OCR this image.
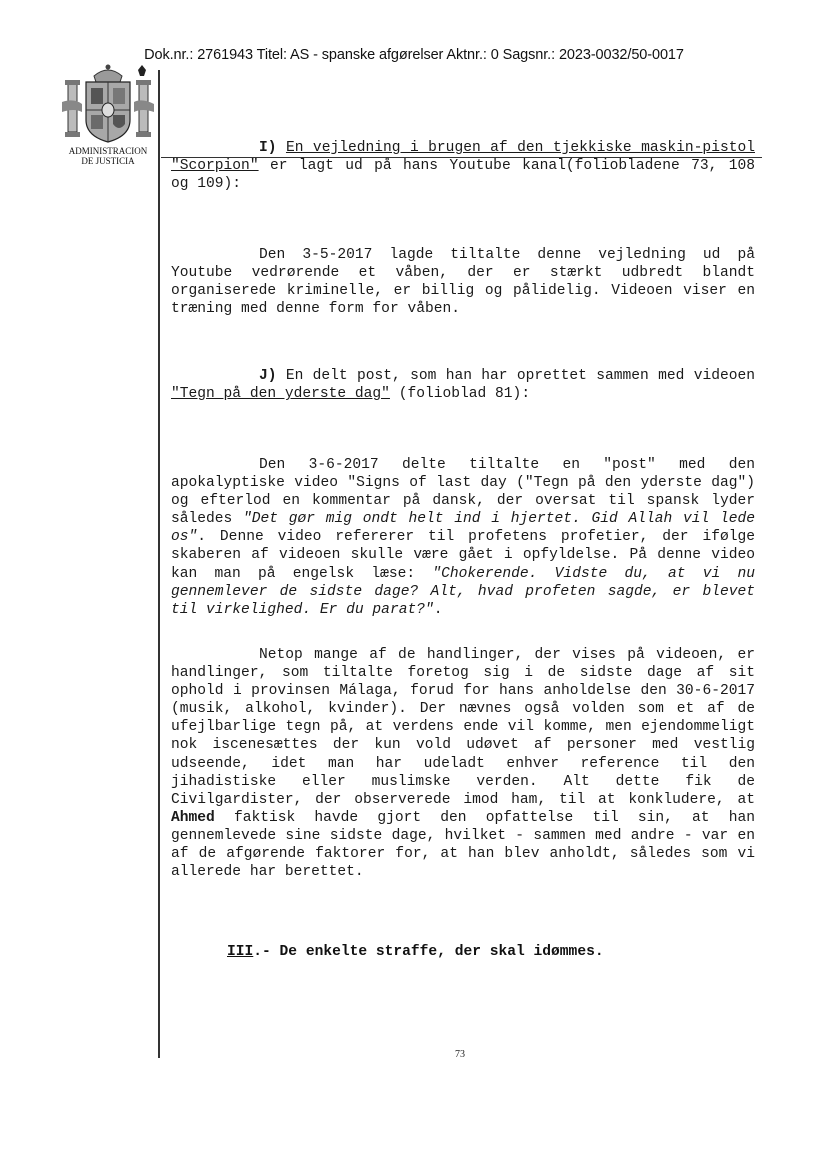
Dok.nr.: 2761943 Titel: AS - spanske afgørelser Aktnr.: 0 Sagsnr.: 2023-0032/50-0017
ADMINISTRACION
DE JUSTICIA

I) En vejledning i brugen af den tjekkiske maskin-pistol "Scorpion" er lagt ud på hans Youtube kanal(foliobladene 73, 108 og 109):

Den 3-5-2017 lagde tiltalte denne vejledning ud på Youtube vedrørende et våben, der er stærkt udbredt blandt organiserede kriminelle, er billig og pålidelig. Videoen viser en træning med denne form for våben.

J) En delt post, som han har oprettet sammen med videoen "Tegn på den yderste dag" (folioblad 81):

Den 3-6-2017 delte tiltalte en "post" med den apokalyptiske video "Signs of last day ("Tegn på den yderste dag") og efterlod en kommentar på dansk, der oversat til spansk lyder således "Det gør mig ondt helt ind i hjertet. Gid Allah vil lede os". Denne video refererer til profetens profetier, der ifølge skaberen af videoen skulle være gået i opfyldelse. På denne video kan man på engelsk læse: "Chokerende. Vidste du, at vi nu gennemlever de sidste dage? Alt, hvad profeten sagde, er blevet til virkelighed. Er du parat?".

Netop mange af de handlinger, der vises på videoen, er handlinger, som tiltalte foretog sig i de sidste dage af sit ophold i provinsen Málaga, forud for hans anholdelse den 30-6-2017 (musik, alkohol, kvinder). Der nævnes også volden som et af de ufejlbarlige tegn på, at verdens ende vil komme, men ejendommeligt nok iscenesættes der kun vold udøvet af personer med vestlig udseende, idet man har udeladt enhver reference til den jihadistiske eller muslimske verden. Alt dette fik de Civilgardister, der observerede imod ham, til at konkludere, at Ahmed faktisk havde gjort den opfattelse til sin, at han gennemlevede sine sidste dage, hvilket - sammen med andre - var en af de afgørende faktorer for, at han blev anholdt, således som vi allerede har berettet.

III.- De enkelte straffe, der skal idømmes.
73
